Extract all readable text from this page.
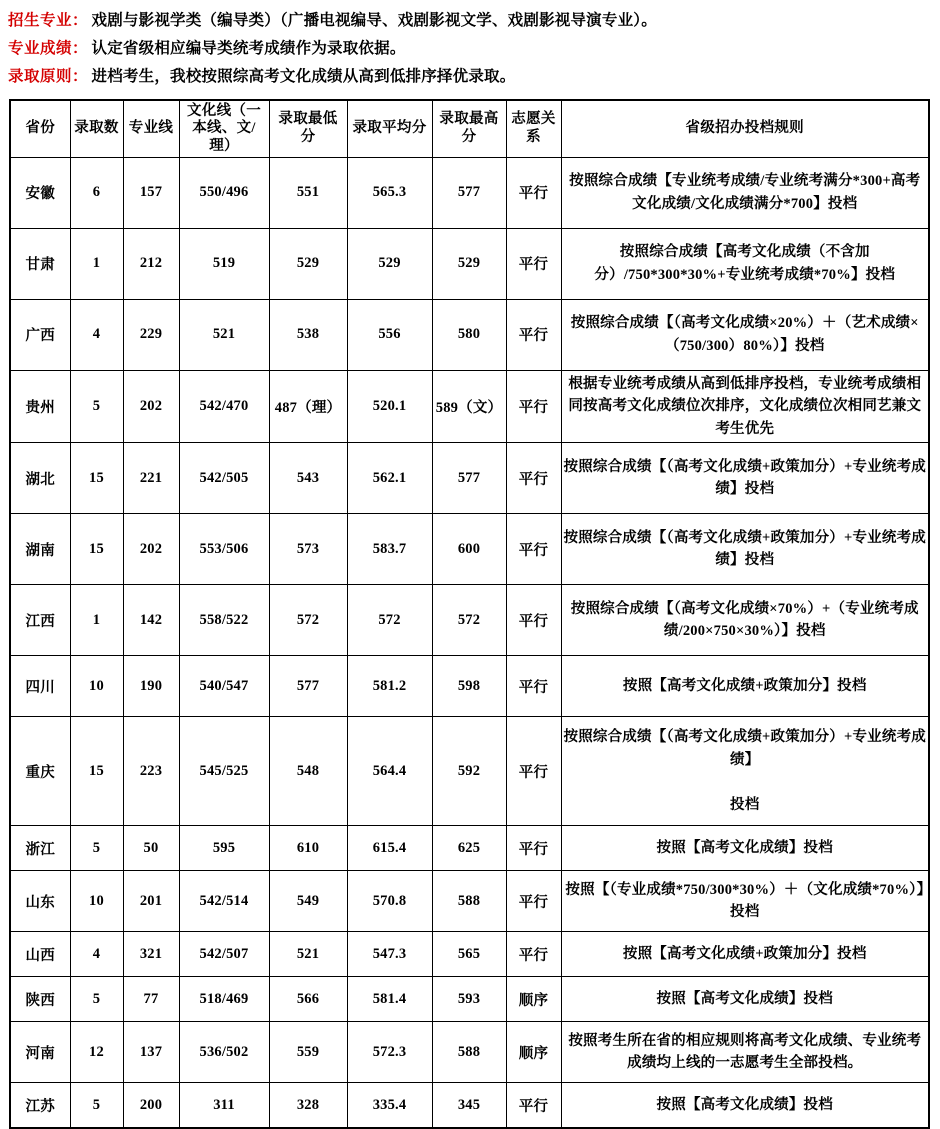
招生专业 ： 戏剧与影视学类（编导类）（广播电视编导、戏剧影视文学、戏剧影视导演专业）。
专业成绩 ： 认定省级相应编导类统考成绩作为录取依据。
录取原则 ： 进档考生，我校按照综高考文化成绩从高到低排序择优录取。
省份	录取数	专业线	文化线（一本线、文/理）	录取最低分	录取平均分	录取最高分	志愿关系	省级招办投档规则
安徽	6	157	550/496	551	565.3	577	平行	按照综合成绩【专业统考成绩/专业统考满分*300+高考文化成绩/文化成绩满分*700】投档
甘肃	1	212	519	529	529	529	平行	按照综合成绩【高考文化成绩（不含加分）/750*300*30%+专业统考成绩*70%】投档
广西	4	229	521	538	556	580	平行	按照综合成绩【（高考文化成绩×20%）＋（艺术成绩×（750/300）80%）】投档
贵州	5	202	542/470	487（理）	520.1	589（文）	平行	根据专业统考成绩从高到低排序投档，专业统考成绩相同按高考文化成绩位次排序，文化成绩位次相同艺兼文考生优先
湖北	15	221	542/505	543	562.1	577	平行	按照综合成绩【（高考文化成绩+政策加分）+专业统考成绩】投档
湖南	15	202	553/506	573	583.7	600	平行	按照综合成绩【（高考文化成绩+政策加分）+专业统考成绩】投档
江西	1	142	558/522	572	572	572	平行	按照综合成绩【（高考文化成绩×70%）+（专业统考成绩/200×750×30%）】投档
四川	10	190	540/547	577	581.2	598	平行	按照【高考文化成绩+政策加分】投档
重庆	15	223	545/525	548	564.4	592	平行	按照综合成绩【（高考文化成绩+政策加分）+专业统考成绩】

投档

浙江	5	50	595	610	615.4	625	平行	按照【高考文化成绩】投档
山东	10	201	542/514	549	570.8	588	平行	按照【（专业成绩*750/300*30%）＋（文化成绩*70%）】投档
山西	4	321	542/507	521	547.3	565	平行	按照【高考文化成绩+政策加分】投档
陕西	5	77	518/469	566	581.4	593	顺序	按照【高考文化成绩】投档
河南	12	137	536/502	559	572.3	588	顺序	按照考生所在省的相应规则将高考文化成绩、专业统考成绩均上线的一志愿考生全部投档。
江苏	5	200	311	328	335.4	345	平行	按照【高考文化成绩】投档
